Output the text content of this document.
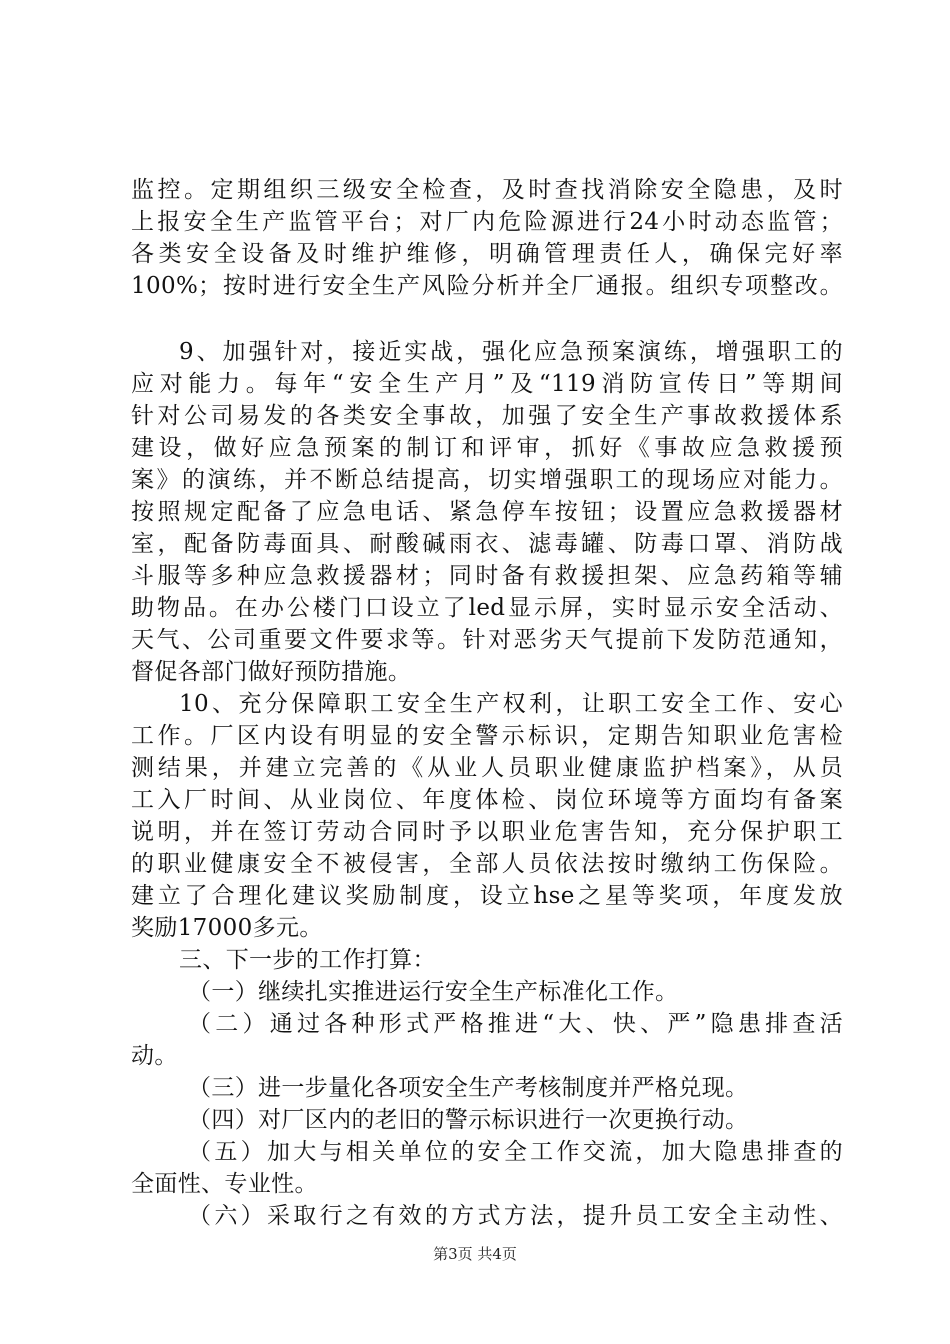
监控。定期组织三级安全检查，及时查找消除安全隐患，及时
上报安全生产监管平台；对厂内危险源进行24小时动态监管；
各类安全设备及时维护维修，明确管理责任人，确保完好率
100%；按时进行安全生产风险分析并全厂通报。组织专项整改。
9、加强针对，接近实战，强化应急预案演练，增强职工的
应对能力。每年“安全生产月”及“119消防宣传日”等期间
针对公司易发的各类安全事故，加强了安全生产事故救援体系
建设，做好应急预案的制订和评审，抓好《事故应急救援预
案》的演练，并不断总结提高，切实增强职工的现场应对能力。
按照规定配备了应急电话、紧急停车按钮；设置应急救援器材
室，配备防毒面具、耐酸碱雨衣、滤毒罐、防毒口罩、消防战
斗服等多种应急救援器材；同时备有救援担架、应急药箱等辅
助物品。在办公楼门口设立了led显示屏，实时显示安全活动、
天气、公司重要文件要求等。针对恶劣天气提前下发防范通知，
督促各部门做好预防措施。
10、充分保障职工安全生产权利，让职工安全工作、安心
工作。厂区内设有明显的安全警示标识，定期告知职业危害检
测结果，并建立完善的《从业人员职业健康监护档案》，从员
工入厂时间、从业岗位、年度体检、岗位环境等方面均有备案
说明，并在签订劳动合同时予以职业危害告知，充分保护职工
的职业健康安全不被侵害，全部人员依法按时缴纳工伤保险。
建立了合理化建议奖励制度，设立hse之星等奖项，年度发放
奖励17000多元。
三、下一步的工作打算：
（一）继续扎实推进运行安全生产标准化工作。
（二）通过各种形式严格推进“大、快、严”隐患排查活
动。
（三）进一步量化各项安全生产考核制度并严格兑现。
（四）对厂区内的老旧的警示标识进行一次更换行动。
（五）加大与相关单位的安全工作交流，加大隐患排查的
全面性、专业性。
（六）采取行之有效的方式方法，提升员工安全主动性、
第3页 共4页
